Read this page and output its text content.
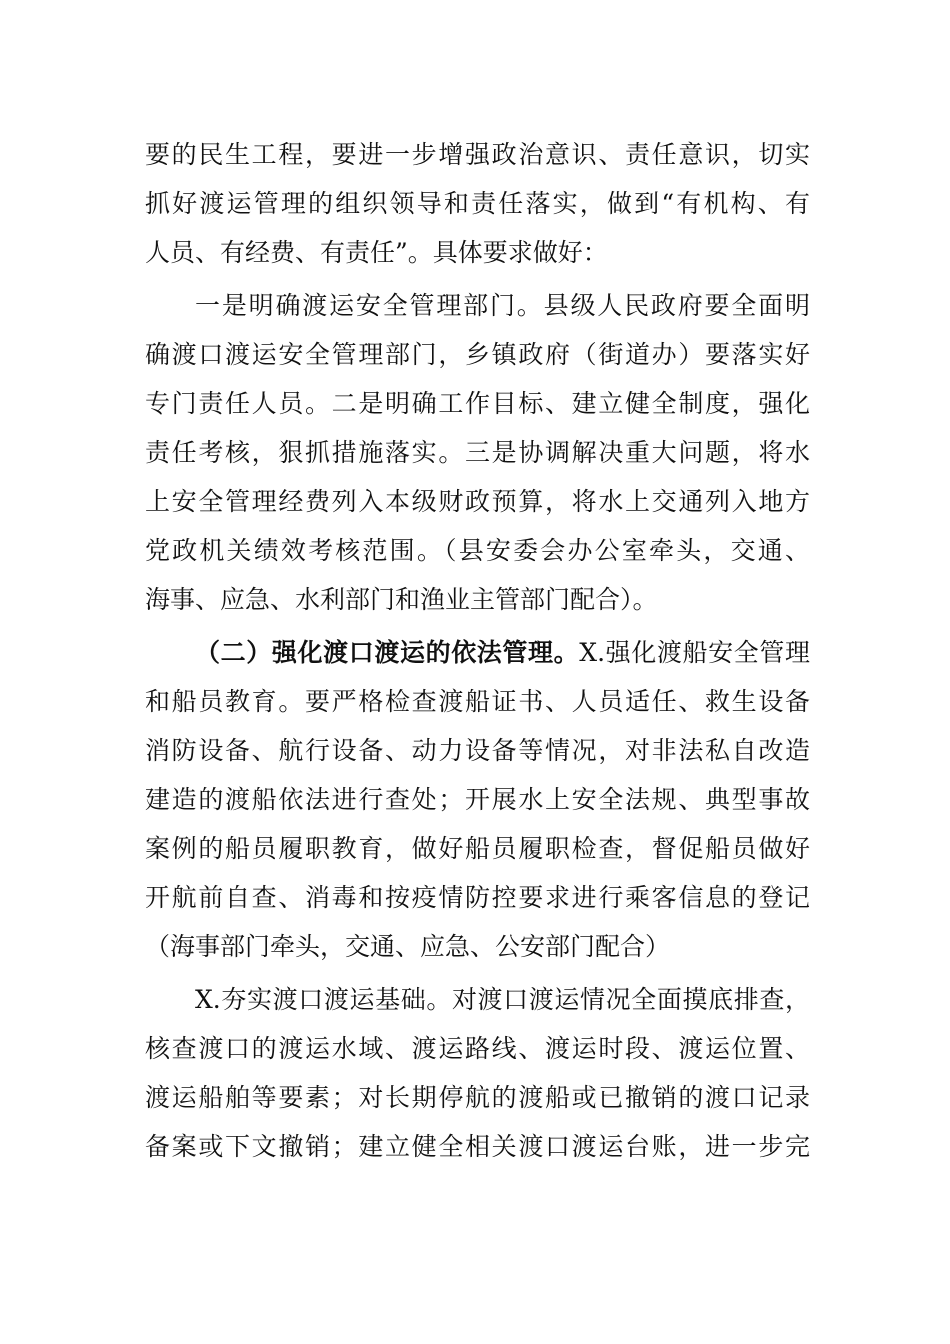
要的民生工程，要进一步增强政治意识、责任意识，切实
抓好渡运管理的组织领导和责任落实，做到“有机构、有
人员、有经费、有责任”。具体要求做好：
一是明确渡运安全管理部门。县级人民政府要全面明
确渡口渡运安全管理部门，乡镇政府（街道办）要落实好
专门责任人员。二是明确工作目标、建立健全制度，强化
责任考核，狠抓措施落实。三是协调解决重大问题，将水
上安全管理经费列入本级财政预算，将水上交通列入地方
党政机关绩效考核范围。（县安委会办公室牵头，交通、
海事、应急、水利部门和渔业主管部门配合）。
（二）强化渡口渡运的依法管理。X.强化渡船安全管理
和船员教育。要严格检查渡船证书、人员适任、救生设备
消防设备、航行设备、动力设备等情况，对非法私自改造
建造的渡船依法进行查处；开展水上安全法规、典型事故
案例的船员履职教育，做好船员履职检查，督促船员做好
开航前自查、消毒和按疫情防控要求进行乘客信息的登记
（海事部门牵头，交通、应急、公安部门配合）
X.夯实渡口渡运基础。对渡口渡运情况全面摸底排查，
核查渡口的渡运水域、渡运路线、渡运时段、渡运位置、
渡运船舶等要素；对长期停航的渡船或已撤销的渡口记录
备案或下文撤销；建立健全相关渡口渡运台账，进一步完
